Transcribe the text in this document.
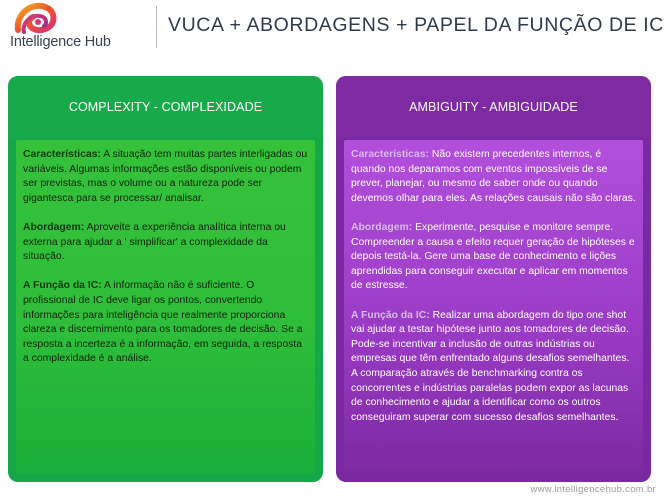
Intelligence Hub
VUCA + ABORDAGENS + PAPEL DA FUNÇÃO DE IC
COMPLEXITY - COMPLEXIDADE

Características: A situação tem muitas partes interligadas ou variáveis. Algumas informações estão disponíveis ou podem ser previstas, mas o volume ou a natureza pode ser gigantesca para se processar/ analisar.

Abordagem: Aproveite a experiência analítica interna ou externa para ajudar a ' simplificar' a complexidade da situação.

A Função da IC: A informação não é suficiente. O profissional de IC deve ligar os pontos, convertendo informações para inteligência que realmente proporciona clareza e discernimento para os tomadores de decisão. Se a resposta a incerteza é a informação, em seguida, a resposta a complexidade é a análise.

AMBIGUITY - AMBIGUIDADE

Características: Não existem precedentes internos, é quando nos deparamos com eventos impossíveis de se prever, planejar, ou mesmo de saber onde ou quando devemos olhar para eles. As relações causais não são claras.

Abordagem: Experimente, pesquise e monitore sempre. Compreender a causa e efeito requer geração de hipóteses e depois testá-la. Gere uma base de conhecimento e lições aprendidas para conseguir executar e aplicar em momentos de estresse.

A Função da IC: Realizar uma abordagem do tipo one shot vai ajudar a testar hipótese junto aos tomadores de decisão. Pode-se incentivar a inclusão de outras indústrias ou empresas que têm enfrentado alguns desafios semelhantes. A comparação através de benchmarking contra os concorrentes e indústrias paralelas podem expor as lacunas de conhecimento e ajudar a identificar como os outros conseguiram superar com sucesso desafios semelhantes.

www.intelligencehub.com.br
